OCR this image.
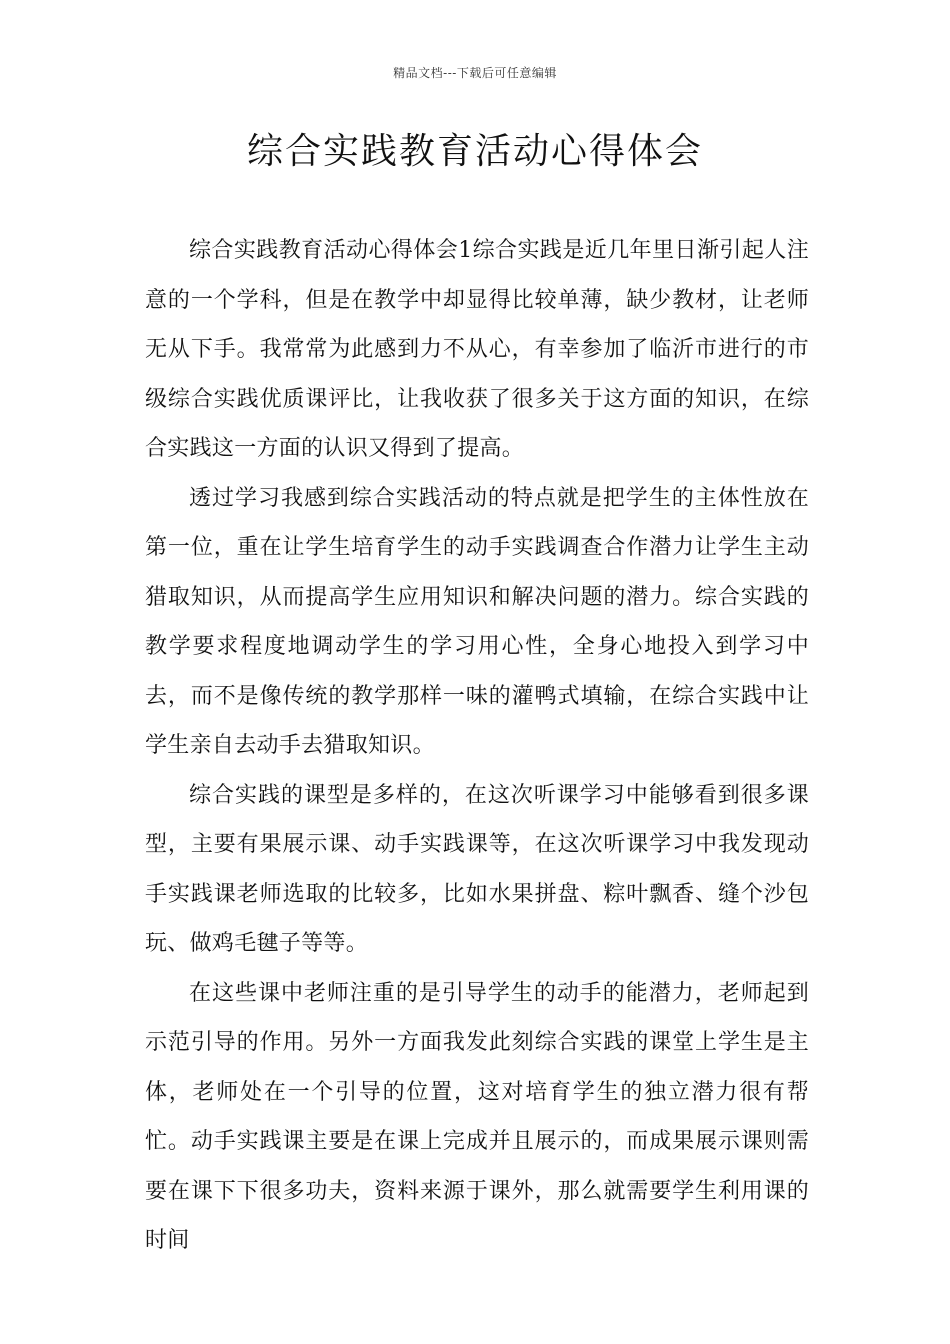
精品文档---下载后可任意编辑
综合实践教育活动心得体会

综合实践教育活动心得体会1综合实践是近几年里日渐引起人注意的一个学科，但是在教学中却显得比较单薄，缺少教材，让老师无从下手。我常常为此感到力不从心，有幸参加了临沂市进行的市级综合实践优质课评比，让我收获了很多关于这方面的知识，在综合实践这一方面的认识又得到了提高。

透过学习我感到综合实践活动的特点就是把学生的主体性放在第一位，重在让学生培育学生的动手实践调查合作潜力让学生主动猎取知识，从而提高学生应用知识和解决问题的潜力。综合实践的教学要求程度地调动学生的学习用心性，全身心地投入到学习中去，而不是像传统的教学那样一味的灌鸭式填输，在综合实践中让学生亲自去动手去猎取知识。

综合实践的课型是多样的，在这次听课学习中能够看到很多课型，主要有果展示课、动手实践课等，在这次听课学习中我发现动手实践课老师选取的比较多，比如水果拼盘、粽叶飘香、缝个沙包玩、做鸡毛毽子等等。

在这些课中老师注重的是引导学生的动手的能潜力，老师起到示范引导的作用。另外一方面我发此刻综合实践的课堂上学生是主体，老师处在一个引导的位置，这对培育学生的独立潜力很有帮忙。动手实践课主要是在课上完成并且展示的，而成果展示课则需要在课下下很多功夫，资料来源于课外，那么就需要学生利用课的时间
